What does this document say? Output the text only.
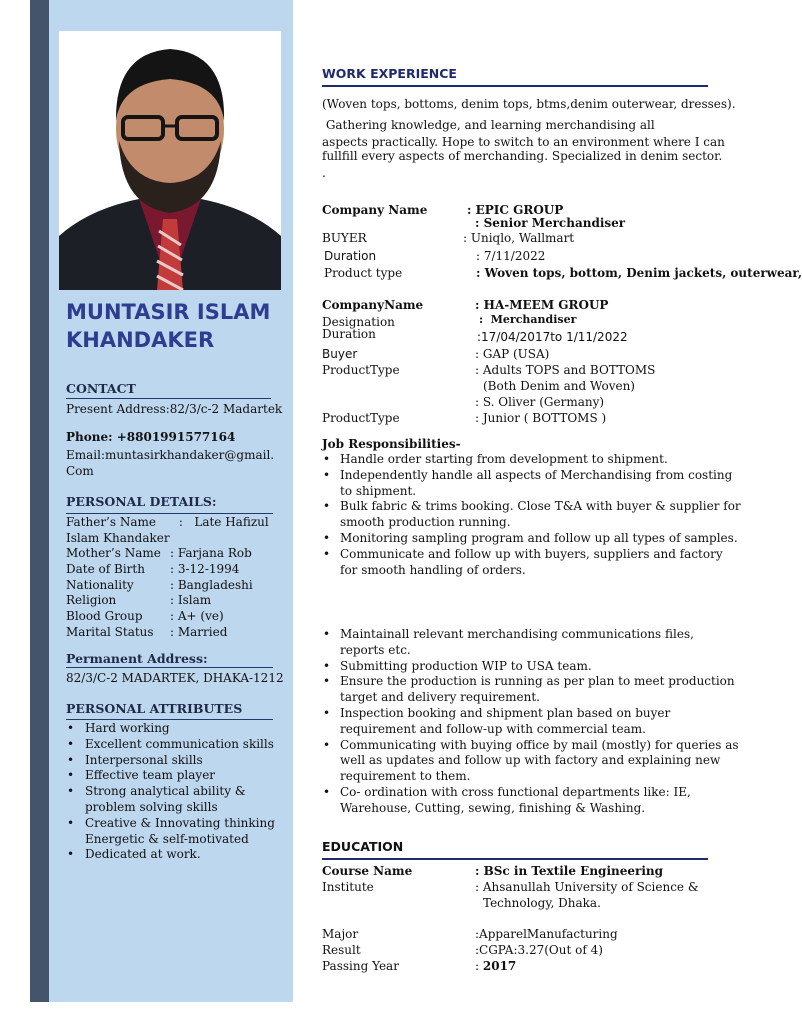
MUNTASIR ISLAM
KHANDAKER

CONTACT

Present Address:82/3/c-2 Madartek

Phone: +8801991577164

Email:muntasirkhandaker@gmail.

Com

PERSONAL DETAILS:

Father’s Name      :   Late Hafizul

Islam Khandaker

Mother’s Name : Farjana Rob

Date of Birth : 3-12-1994

Nationality	: Bangladeshi

Religion	: Islam

Blood Group : A+ (ve)

Marital Status : Married

Permanent Address:

82/3/C-2 MADARTEK, DHAKA-1212

PERSONAL ATTRIBUTES

• Hard working
• Excellent communication skills
• Interpersonal skills
• Effective team player
• Strong analytical ability & problem solving skills
• Creative & Innovating thinking Energetic & self-motivated
• Dedicated at work.

WORK EXPERIENCE

(Woven tops, bottoms, denim tops, btms,denim outerwear, dresses).

Gathering knowledge, and learning merchandising all

aspects practically. Hope to switch to an environment where I can

fullfill every aspects of merchanding. Specialized in denim sector.

.

Company Name	: EPIC GROUP

: Senior Merchandiser

BUYER	: Uniqlo, Wallmart

Duration	: 7/11/2022

Product type	: Woven tops, bottom, Denim jackets, outerwear,

CompanyName	: HA-MEEM GROUP

Designation	:  Merchandiser

Duration	:17/04/2017to 1/11/2022

Buyer	: GAP (USA)

ProductType	: Adults TOPS and BOTTOMS

(Both Denim and Woven)

: S. Oliver (Germany)

ProductType	: Junior ( BOTTOMS )

Job Responsibilities-

• Handle order starting from development to shipment.
• Independently handle all aspects of Merchandising from costing to shipment.
• Bulk fabric & trims booking. Close T&A with buyer & supplier for smooth production running.
• Monitoring sampling program and follow up all types of samples.
• Communicate and follow up with buyers, suppliers and factory for smooth handling of orders.
• Maintainall relevant merchandising communications files, reports etc.
• Submitting production WIP to USA team.
• Ensure the production is running as per plan to meet production target and delivery requirement.
• Inspection booking and shipment plan based on buyer requirement and follow-up with commercial team.
• Communicating with buying office by mail (mostly) for queries as well as updates and follow up with factory and explaining new requirement to them.
• Co- ordination with cross functional departments like: IE, Warehouse, Cutting, sewing, finishing & Washing.

EDUCATION

Course Name	: BSc in Textile Engineering

Institute	: Ahsanullah University of Science &

Technology, Dhaka.

Major	:ApparelManufacturing

Result	:CGPA:3.27(Out of 4)

Passing Year	: 2017
